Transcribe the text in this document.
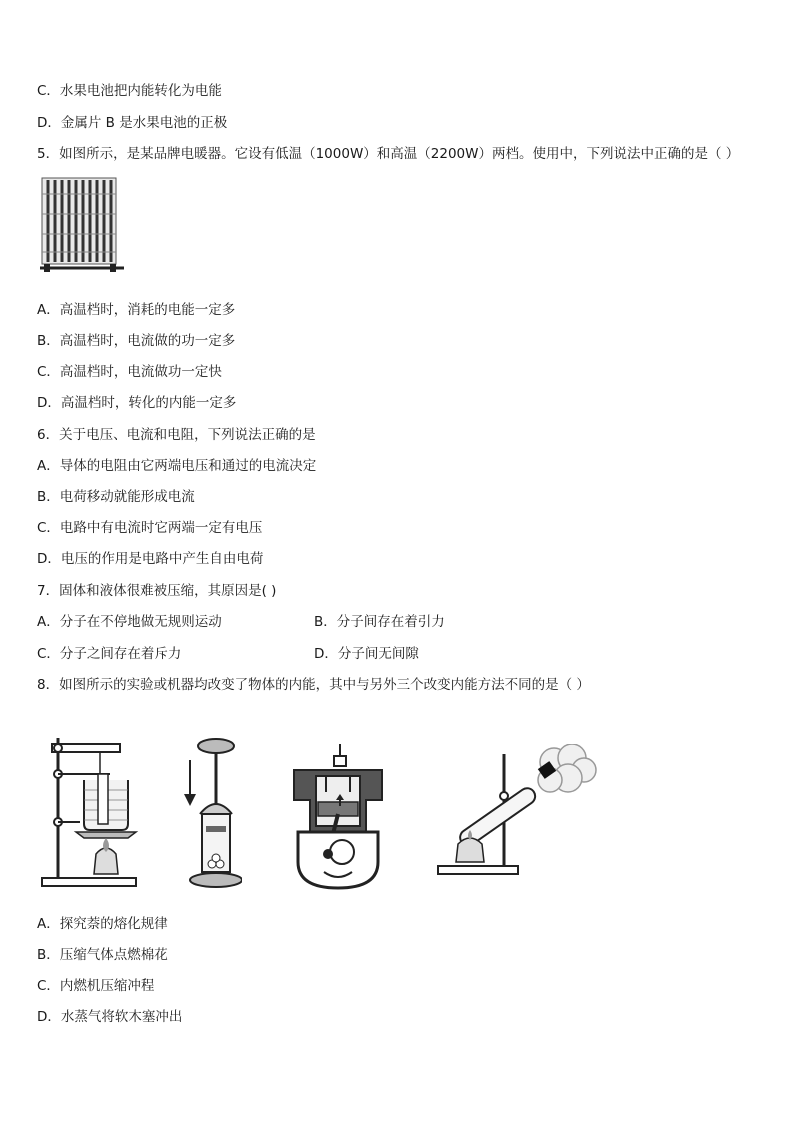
C．水果电池把内能转化为电能
D．金属片 B 是水果电池的正极
5．如图所示，是某品牌电暖器。它设有低温（1000W）和高温（2200W）两档。使用中，下列说法中正确的是（ ）
A．高温档时，消耗的电能一定多
B．高温档时，电流做的功一定多
C．高温档时，电流做功一定快
D．高温档时，转化的内能一定多
6．关于电压、电流和电阻，下列说法正确的是
A．导体的电阻由它两端电压和通过的电流决定
B．电荷移动就能形成电流
C．电路中有电流时它两端一定有电压
D．电压的作用是电路中产生自由电荷
7．固体和液体很难被压缩，其原因是( )
A．分子在不停地做无规则运动	B．分子间存在着引力
C．分子之间存在着斥力	D．分子间无间隙
8．如图所示的实验或机器均改变了物体的内能，其中与另外三个改变内能方法不同的是（ ）
A．探究萘的熔化规律
B．压缩气体点燃棉花
C．内燃机压缩冲程
D．水蒸气将软木塞冲出
